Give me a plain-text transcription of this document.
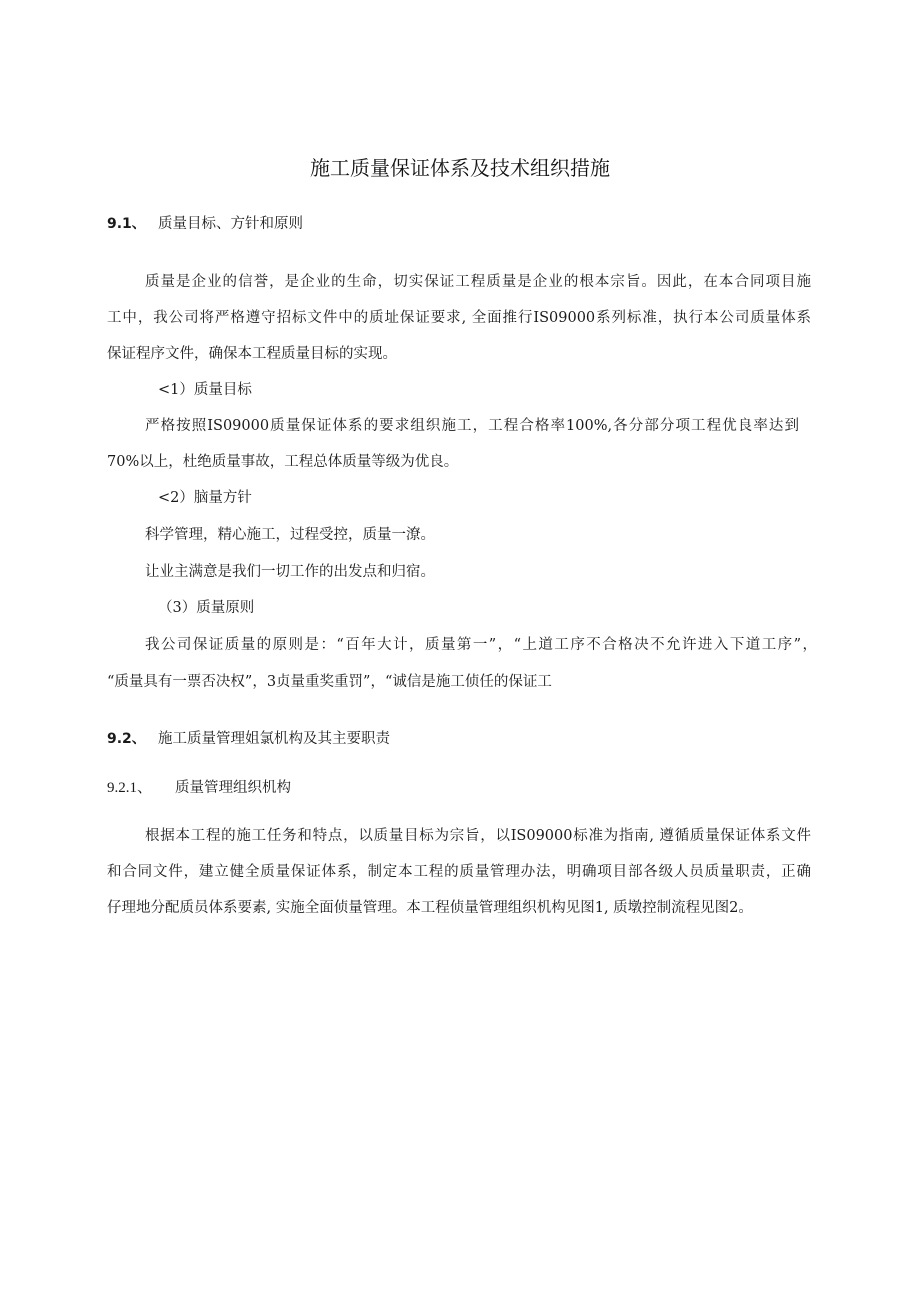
施工质量保证体系及技术组织措施
9.1、 质量目标、方针和原则
质量是企业的信誉，是企业的生命，切实保证工程质量是企业的根本宗旨。因此，在本合同项目施
工中，我公司将严格遵守招标文件中的质址保证要求, 全面推行IS09000系列标准，执行本公司质量体系
保证程序文件，确保本工程质量目标的实现。
<1）质量目标
严格按照IS09000质量保证体系的要求组织施工，工程合格率100%,各分部分项工程优良率达到
70%以上，杜绝质量事故，工程总体质量等级为优良。
<2）脑量方针
科学管理，精心施工，过程受控，质量一潦。
让业主满意是我们一切工作的出发点和归宿。
（3）质量原则
我公司保证质量的原则是：“百年大计，质量第一”，“上道工序不合格决不允许进入下道工序”，
“质量具有一票否决权”，3贞量重奖重罚”，“诚信是施工侦任的保证工
9.2、 施工质量管理姐氯机构及其主要职责
9.2.1、 质量管理组织机构
根据本工程的施工任务和特点，以质量目标为宗旨，以IS09000标准为指南, 遵循质量保证体系文件
和合同文件，建立健全质量保证体系，制定本工程的质量管理办法，明确项目部各级人员质量职责，正确
仔理地分配质员体系要素, 实施全面侦量管理。本工程侦量管理组织机构见图1, 质墩控制流程见图2。
